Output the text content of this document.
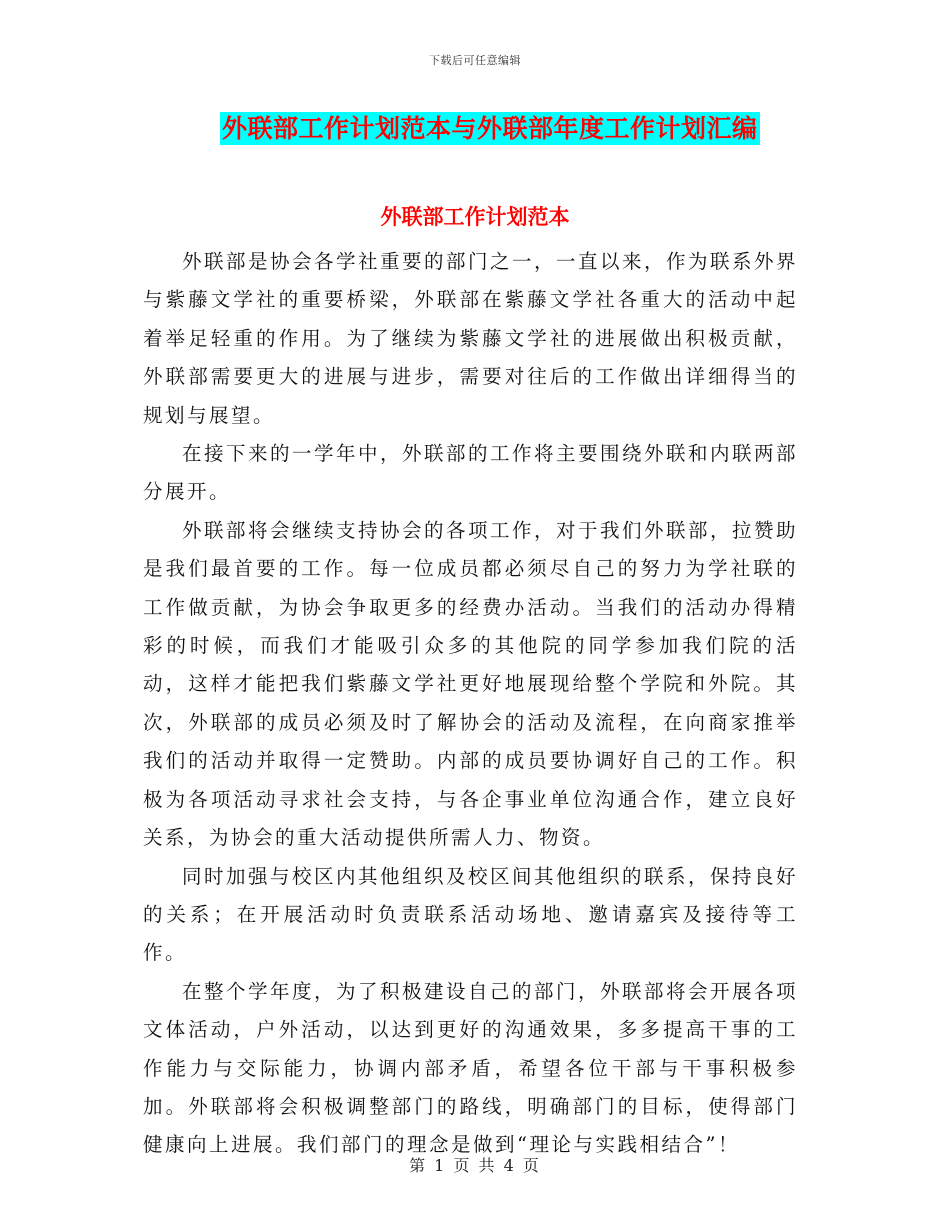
下载后可任意编辑
外联部工作计划范本与外联部年度工作计划汇编
外联部工作计划范本

外联部是协会各学社重要的部门之一，一直以来，作为联系外界与紫藤文学社的重要桥梁，外联部在紫藤文学社各重大的活动中起着举足轻重的作用。为了继续为紫藤文学社的进展做出积极贡献，外联部需要更大的进展与进步，需要对往后的工作做出详细得当的规划与展望。

在接下来的一学年中，外联部的工作将主要围绕外联和内联两部分展开。

外联部将会继续支持协会的各项工作，对于我们外联部，拉赞助是我们最首要的工作。每一位成员都必须尽自己的努力为学社联的工作做贡献，为协会争取更多的经费办活动。当我们的活动办得精彩的时候，而我们才能吸引众多的其他院的同学参加我们院的活动，这样才能把我们紫藤文学社更好地展现给整个学院和外院。其次，外联部的成员必须及时了解协会的活动及流程，在向商家推举我们的活动并取得一定赞助。内部的成员要协调好自己的工作。积极为各项活动寻求社会支持，与各企事业单位沟通合作，建立良好关系，为协会的重大活动提供所需人力、物资。

同时加强与校区内其他组织及校区间其他组织的联系，保持良好的关系；在开展活动时负责联系活动场地、邀请嘉宾及接待等工作。

在整个学年度，为了积极建设自己的部门，外联部将会开展各项文体活动，户外活动，以达到更好的沟通效果，多多提高干事的工作能力与交际能力，协调内部矛盾，希望各位干部与干事积极参加。外联部将会积极调整部门的路线，明确部门的目标，使得部门健康向上进展。我们部门的理念是做到“理论与实践相结合”！

第 1 页 共 4 页
